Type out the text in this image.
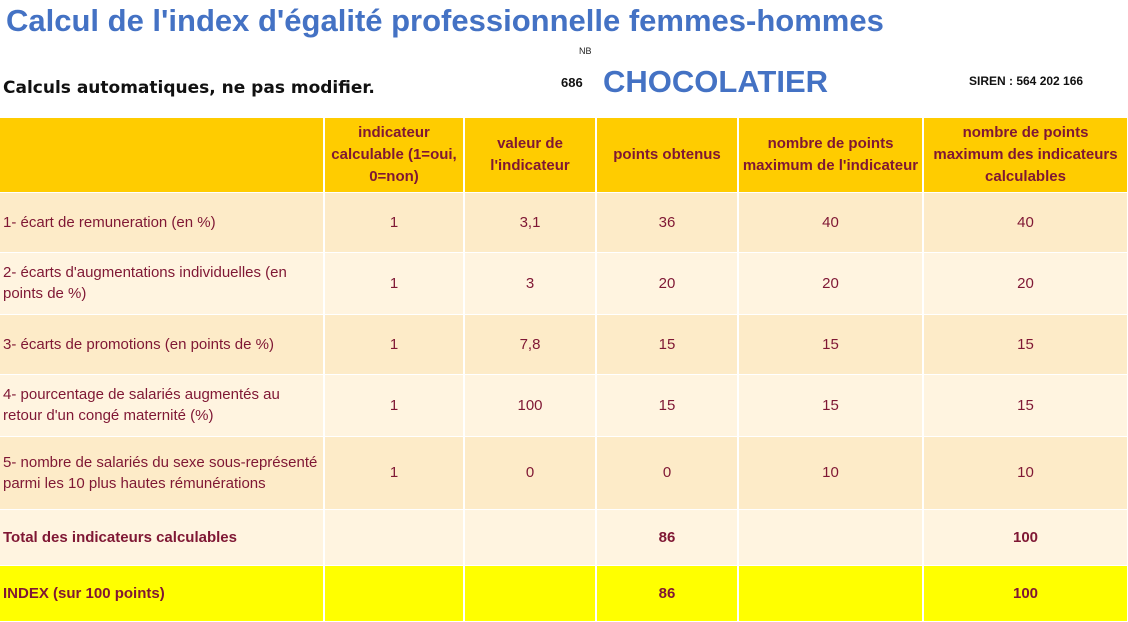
Calcul de l'index d'égalité professionnelle femmes-hommes
NB
Calculs automatiques, ne pas modifier.	686 CHOCOLATIER	SIREN : 564 202 166
	indicateur calculable (1=oui, 0=non)	valeur de l'indicateur	points obtenus	nombre de points maximum de l'indicateur	nombre de points maximum des indicateurs calculables
1- écart de remuneration (en %)	1	3,1	36	40	40
2- écarts d'augmentations individuelles (en points de %)	1	3	20	20	20
3- écarts de promotions (en points de %)	1	7,8	15	15	15
4- pourcentage de salariés augmentés au retour d'un congé maternité (%)	1	100	15	15	15
5- nombre de salariés du sexe sous-représenté parmi les 10 plus hautes rémunérations	1	0	0	10	10
Total des indicateurs calculables			86		100
INDEX (sur 100 points)			86		100
